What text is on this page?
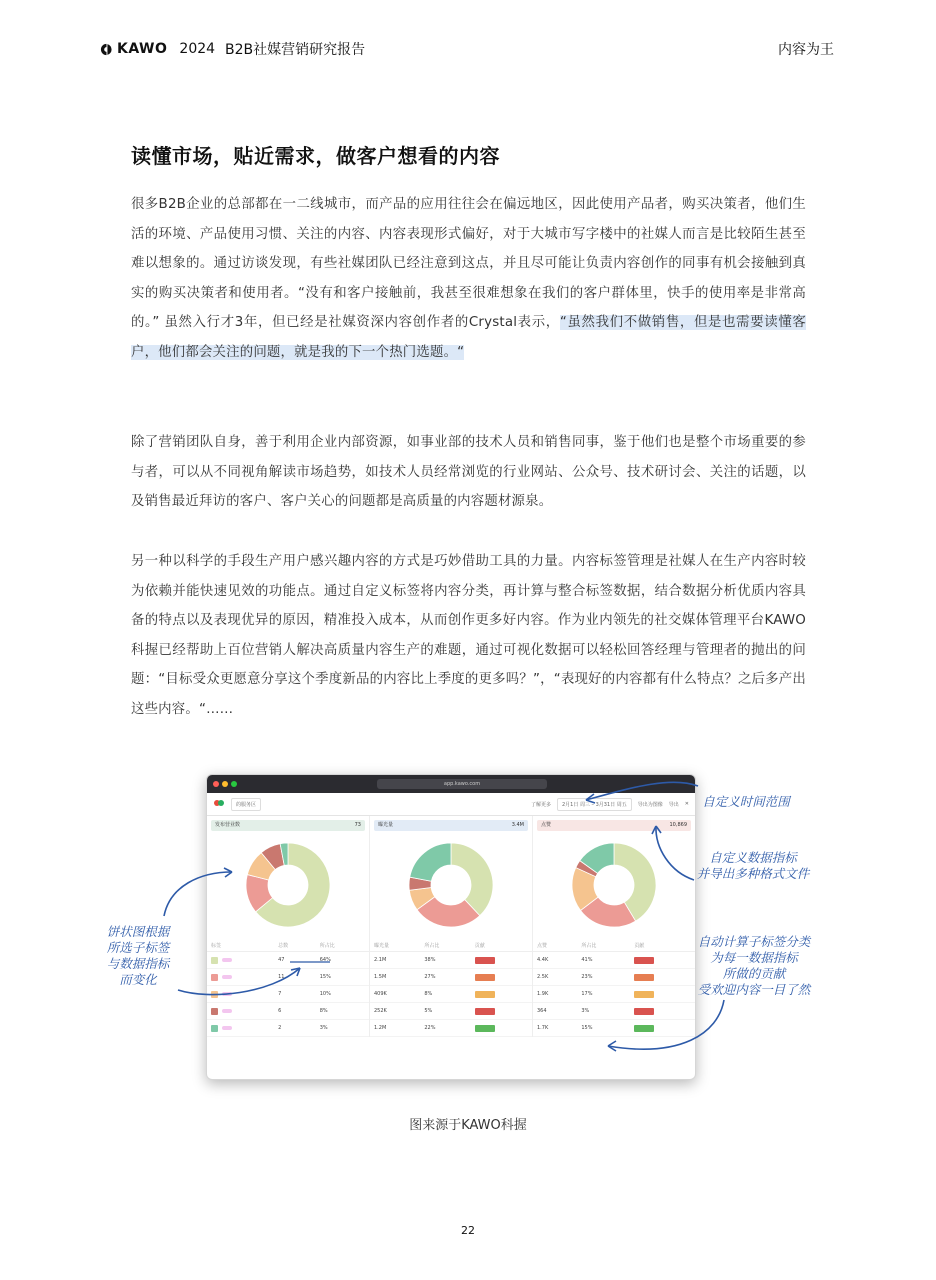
KAWO 2024 B2B社媒营销研究报告	内容为王
读懂市场，贴近需求，做客户想看的内容

很多B2B企业的总部都在一二线城市，而产品的应用往往会在偏远地区，因此使用产品者，购买决策者，他们生活的环境、产品使用习惯、关注的内容、内容表现形式偏好，对于大城市写字楼中的社媒人而言是比较陌生甚至难以想象的。通过访谈发现，有些社媒团队已经注意到这点，并且尽可能让负责内容创作的同事有机会接触到真实的购买决策者和使用者。“没有和客户接触前，我甚至很难想象在我们的客户群体里，快手的使用率是非常高的。” 虽然入行才3年，但已经是社媒资深内容创作者的Crystal表示，“虽然我们不做销售，但是也需要读懂客户，他们都会关注的问题，就是我的下一个热门选题。“

除了营销团队自身，善于利用企业内部资源，如事业部的技术人员和销售同事，鉴于他们也是整个市场重要的参与者，可以从不同视角解读市场趋势，如技术人员经常浏览的行业网站、公众号、技术研讨会、关注的话题，以及销售最近拜访的客户、客户关心的问题都是高质量的内容题材源泉。

另一种以科学的手段生产用户感兴趣内容的方式是巧妙借助工具的力量。内容标签管理是社媒人在生产内容时较为依赖并能快速见效的功能点。通过自定义标签将内容分类，再计算与整合标签数据，结合数据分析优质内容具备的特点以及表现优异的原因，精准投入成本，从而创作更多好内容。作为业内领先的社交媒体管理平台KAWO科握已经帮助上百位营销人解决高质量内容生产的难题，通过可视化数据可以轻松回答经理与管理者的抛出的问题：“目标受众更愿意分享这个季度新品的内容比上季度的更多吗？”，“表现好的内容都有什么特点？之后多产出这些内容。“……

app.kawo.com
的服务区	了解更多	2月1日 周三 – 3月31日 周五	导出为图像 导出 ✕
发布营业数	73
标签	总数	所占比
	47	64%
	11	15%
	7	10%
	6	8%
	2	3%
曝光量	3.4M
曝光量	所占比	贡献
2.1M	38%	
1.5M	27%	
409K	8%	
252K	5%	
1.2M	22%	
点赞	10,869
点赞	所占比	贡献
4.4K	41%	
2.5K	23%	
1.9K	17%	
364	3%	
1.7K	15%	
自定义时间范围
自定义数据指标
并导出多种格式文件
饼状图根据
所选子标签
与数据指标
而变化
自动计算子标签分类
为每一数据指标
所做的贡献
受欢迎内容一目了然
图来源于KAWO科握
22
